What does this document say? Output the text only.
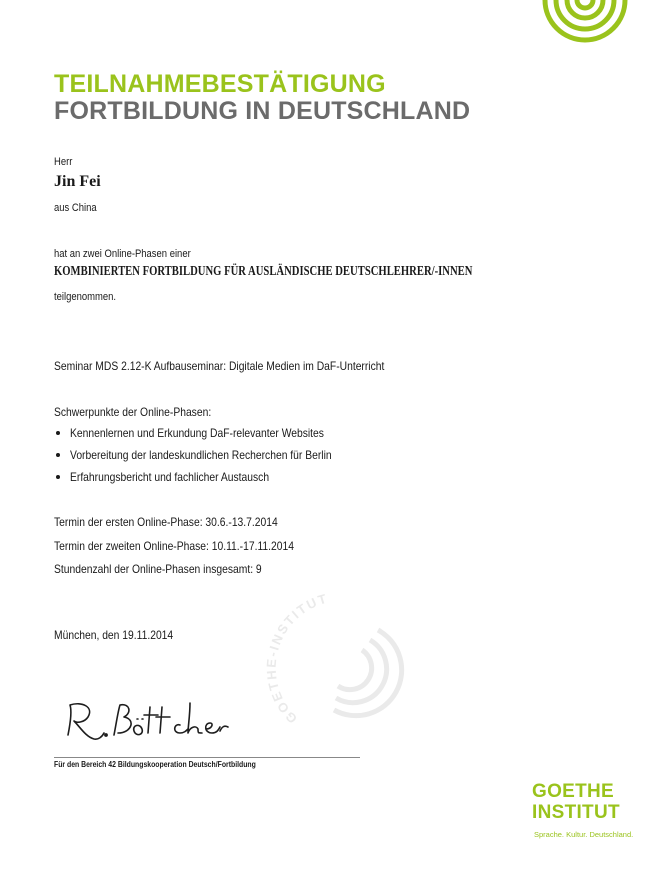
TEILNAHMEBESTÄTIGUNG
FORTBILDUNG IN DEUTSCHLAND
Herr
Jin Fei
aus China
hat an zwei Online-Phasen einer
KOMBINIERTEN FORTBILDUNG FÜR AUSLÄNDISCHE DEUTSCHLEHRER/-INNEN
teilgenommen.
Seminar MDS 2.12-K Aufbauseminar: Digitale Medien im DaF-Unterricht
Schwerpunkte der Online-Phasen:
Kennenlernen und Erkundung DaF-relevanter Websites
Vorbereitung der landeskundlichen Recherchen für Berlin
Erfahrungsbericht und fachlicher Austausch
Termin der ersten Online-Phase: 30.6.-13.7.2014
Termin der zweiten Online-Phase: 10.11.-17.11.2014
Stundenzahl der Online-Phasen insgesamt: 9
München, den 19.11.2014
GOETHE-INSTITUT
Für den Bereich 42 Bildungskooperation Deutsch/Fortbildung
GOETHE
INSTITUT
Sprache. Kultur. Deutschland.
